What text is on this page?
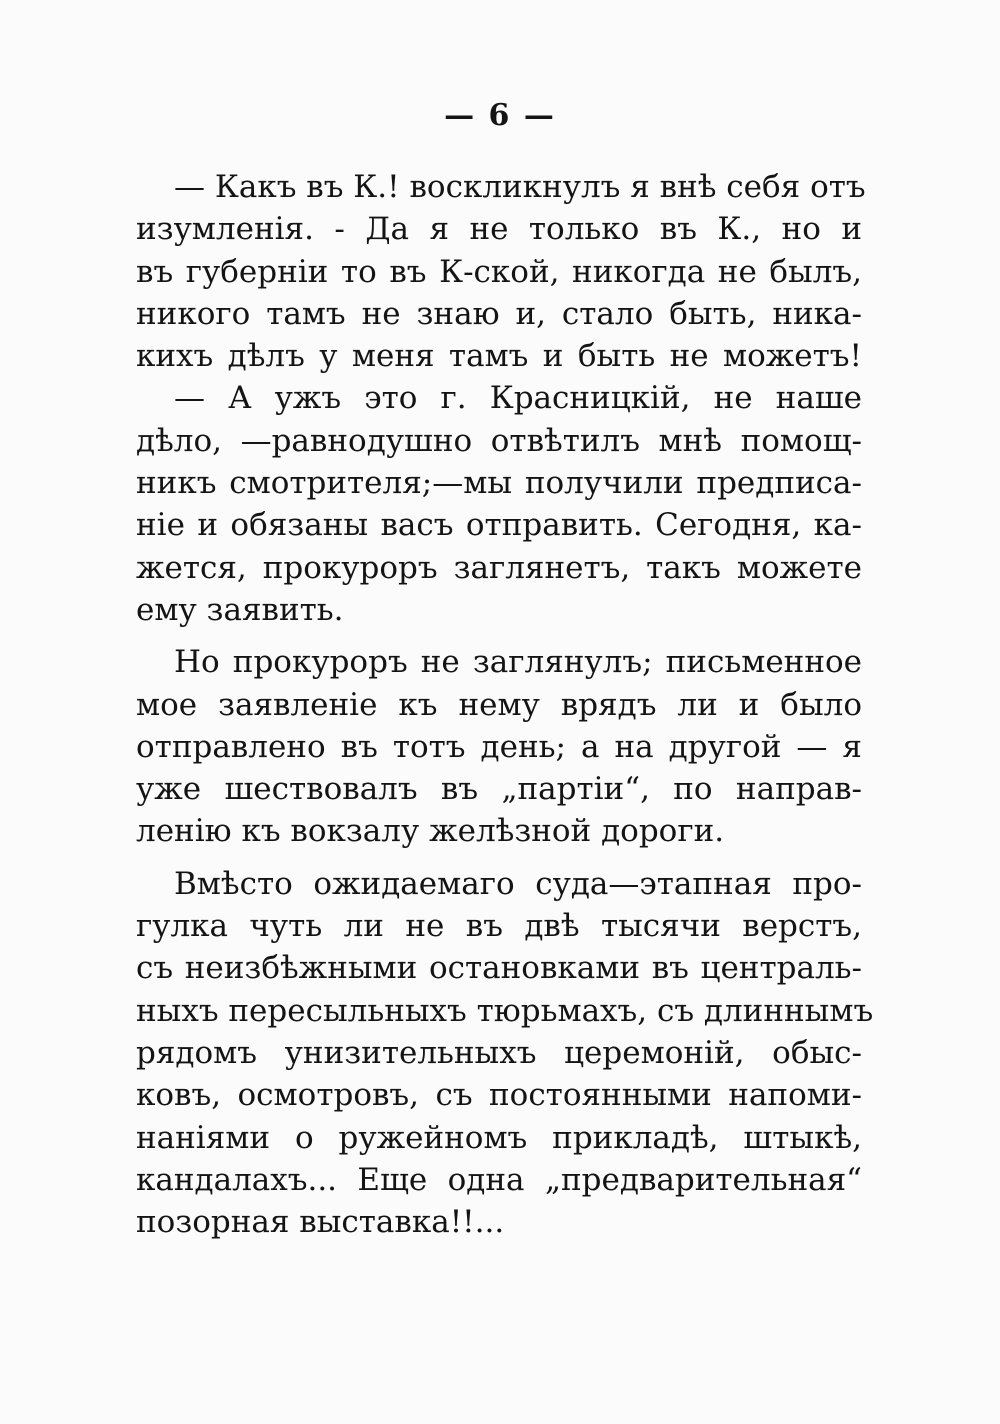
— 6 —
— Какъ въ К.! воскликнулъ я внѣ себя отъ
изумленія. - Да я не только въ К., но и
въ губерніи то въ К-ской, никогда не былъ,
никого тамъ не знаю и, стало быть, никa-
кихъ дѣлъ у меня тамъ и быть не можетъ!
— А ужъ это г. Красницкій, не наше
дѣло, —равнодушно отвѣтилъ мнѣ помощ-
никъ смотрителя;—мы получили предписа-
ніе и обязаны васъ отправить. Сегодня, ка-
жется, прокуроръ заглянетъ, такъ можете
ему заявить.
Но прокуроръ не заглянулъ; письменное
мое заявленіе къ нему врядъ ли и было
отправлено въ тотъ день; а на другой — я
уже шествовалъ въ „партіи“, по направ-
ленію къ вокзалу желѣзной дороги.
Вмѣсто ожидаемаго суда—этапная про-
гулка чуть ли не въ двѣ тысячи верстъ,
съ неизбѣжными остановками въ централь-
ныхъ пересыльныхъ тюрьмахъ, съ длиннымъ
рядомъ унизительныхъ церемоній, обыс-
ковъ, осмотровъ, съ постоянными напоми-
наніями о ружейномъ прикладѣ, штыкѣ,
кандалахъ... Еще одна „предварительная“
позорная выставка!!...
